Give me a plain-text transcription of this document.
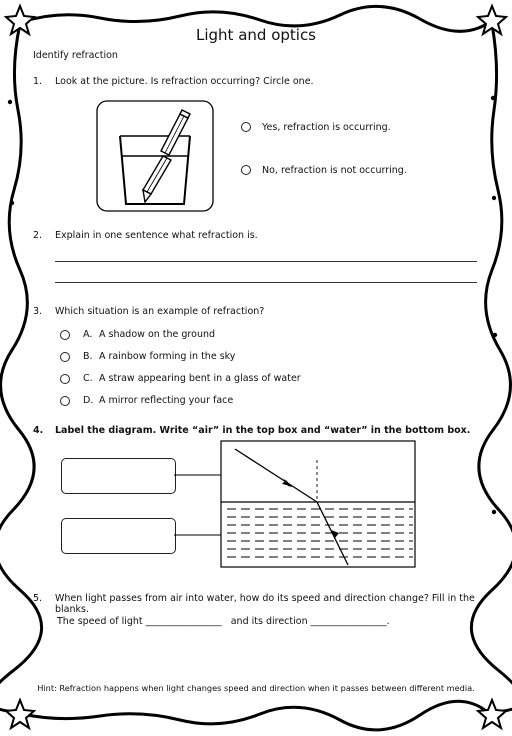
Light and optics
Identify refraction
1. Look at the picture. Is refraction occurring? Circle one.
Yes, refraction is occurring.
No, refraction is not occurring.
2. Explain in one sentence what refraction is.
3. Which situation is an example of refraction?
A. A shadow on the ground
B. A rainbow forming in the sky
C. A straw appearing bent in a glass of water
D. A mirror reflecting your face
4. Label the diagram. Write “air” in the top box and “water” in the bottom box.
5. When light passes from air into water, how do its speed and direction change? Fill in the blanks.
The speed of light ________________ and its direction ________________.
Hint: Refraction happens when light changes speed and direction when it passes between different media.
